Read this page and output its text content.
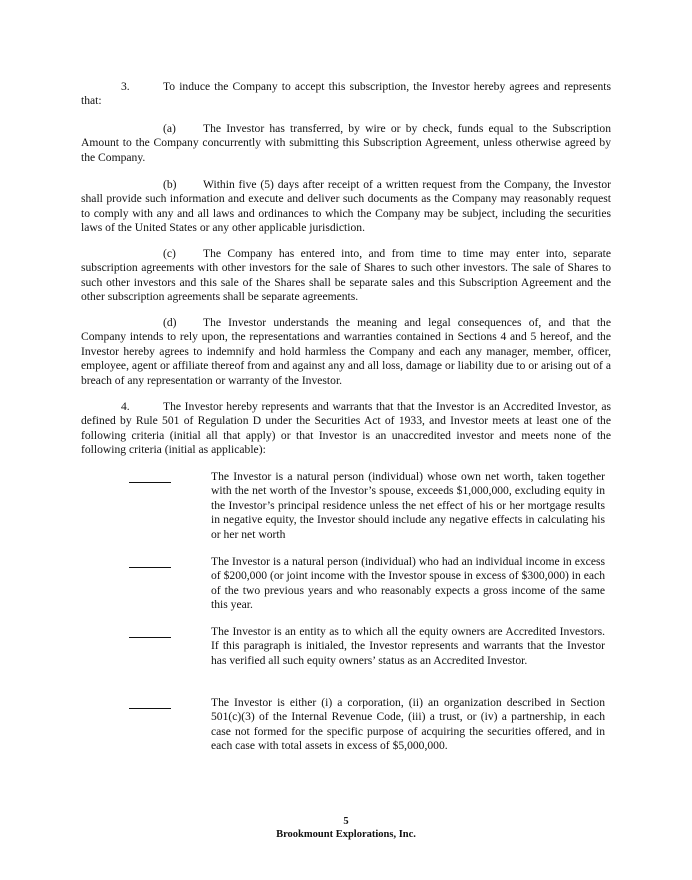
3.	To induce the Company to accept this subscription, the Investor hereby agrees and represents that:

(a) The Investor has transferred, by wire or by check, funds equal to the Subscription Amount to the Company concurrently with submitting this Subscription Agreement, unless otherwise agreed by the Company.

(b) Within five (5) days after receipt of a written request from the Company, the Investor shall provide such information and execute and deliver such documents as the Company may reasonably request to comply with any and all laws and ordinances to which the Company may be subject, including the securities laws of the United States or any other applicable jurisdiction.

(c) The Company has entered into, and from time to time may enter into, separate subscription agreements with other investors for the sale of Shares to such other investors. The sale of Shares to such other investors and this sale of the Shares shall be separate sales and this Subscription Agreement and the other subscription agreements shall be separate agreements.

(d) The Investor understands the meaning and legal consequences of, and that the Company intends to rely upon, the representations and warranties contained in Sections 4 and 5 hereof, and the Investor hereby agrees to indemnify and hold harmless the Company and each any manager, member, officer, employee, agent or affiliate thereof from and against any and all loss, damage or liability due to or arising out of a breach of any representation or warranty of the Investor.

4.	The Investor hereby represents and warrants that that the Investor is an Accredited Investor, as defined by Rule 501 of Regulation D under the Securities Act of 1933, and Investor meets at least one of the following criteria (initial all that apply) or that Investor is an unaccredited investor and meets none of the following criteria (initial as applicable):

The Investor is a natural person (individual) whose own net worth, taken together with the net worth of the Investor’s spouse, exceeds $1,000,000, excluding equity in the Investor’s principal residence unless the net effect of his or her mortgage results in negative equity, the Investor should include any negative effects in calculating his or her net worth
The Investor is a natural person (individual) who had an individual income in excess of $200,000 (or joint income with the Investor spouse in excess of $300,000) in each of the two previous years and who reasonably expects a gross income of the same this year.
The Investor is an entity as to which all the equity owners are Accredited Investors. If this paragraph is initialed, the Investor represents and warrants that the Investor has verified all such equity owners’ status as an Accredited Investor.
The Investor is either (i) a corporation, (ii) an organization described in Section 501(c)(3) of the Internal Revenue Code, (iii) a trust, or (iv) a partnership, in each case not formed for the specific purpose of acquiring the securities offered, and in each case with total assets in excess of $5,000,000.
5
Brookmount Explorations, Inc.
